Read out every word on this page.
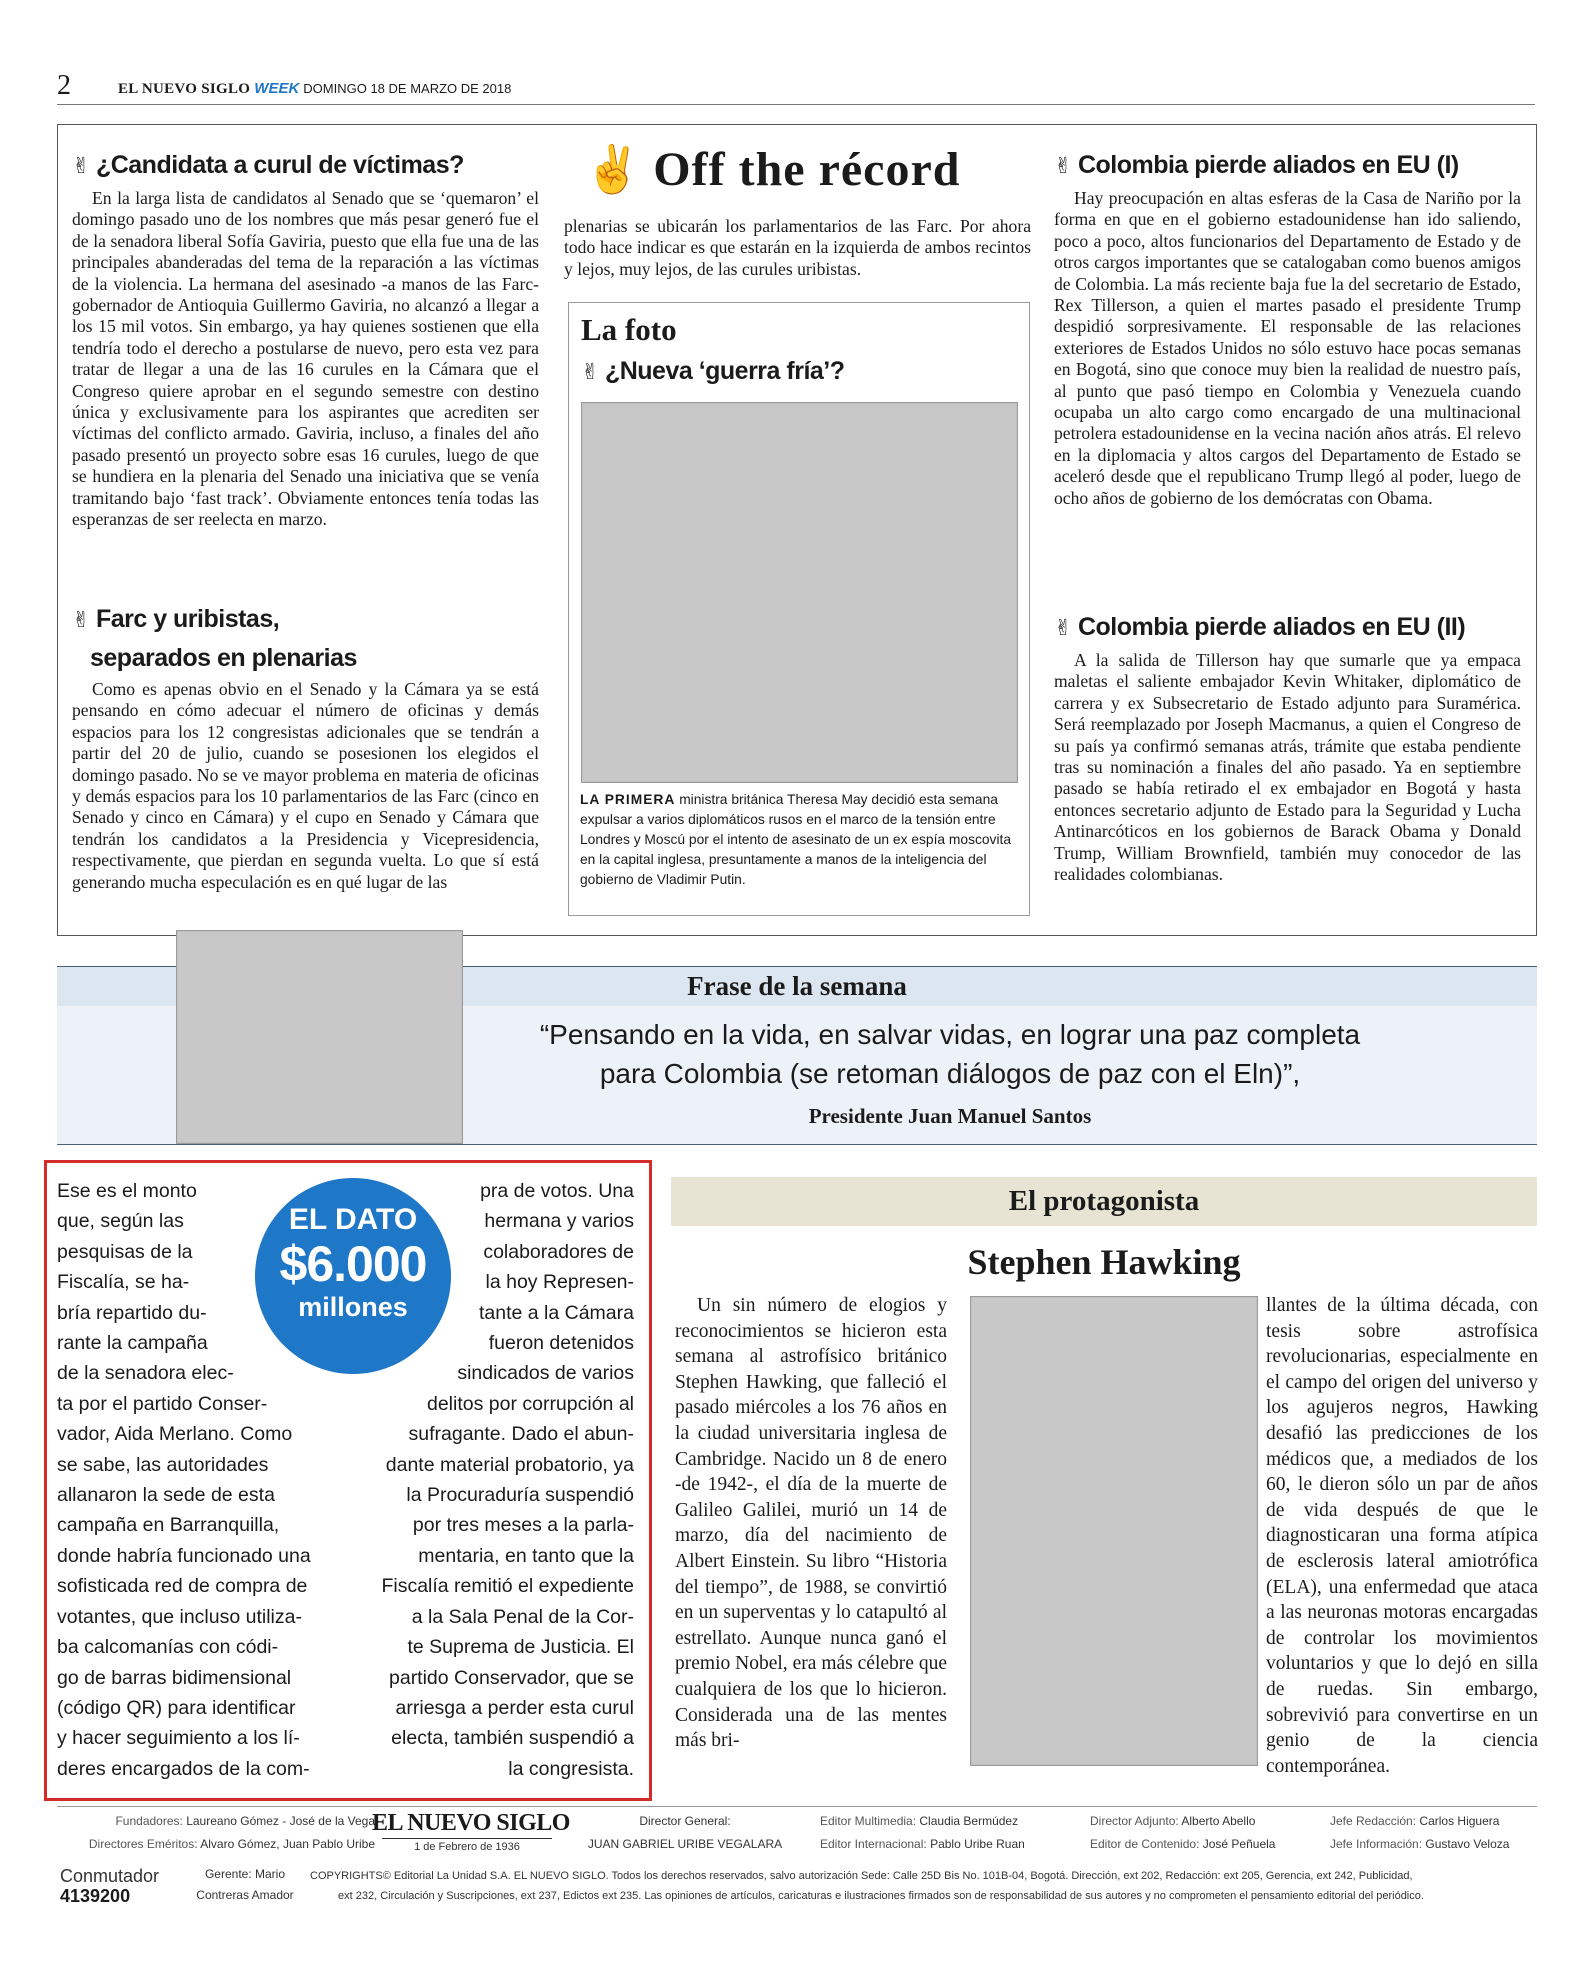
2	EL NUEVO SIGLO WEEK DOMINGO 18 DE MARZO DE 2018
✌ ¿Candidata a curul de víctimas?

En la larga lista de candidatos al Senado que se ‘quemaron’ el domingo pasado uno de los nombres que más pesar generó fue el de la senadora liberal Sofía Gaviria, puesto que ella fue una de las principales abanderadas del tema de la reparación a las víctimas de la violencia. La hermana del asesinado -a manos de las Farc- gobernador de Antioquia Guillermo Gaviria, no alcanzó a llegar a los 15 mil votos. Sin embargo, ya hay quienes sostienen que ella tendría todo el derecho a postularse de nuevo, pero esta vez para tratar de llegar a una de las 16 curules en la Cámara que el Congreso quiere aprobar en el segundo semestre con destino única y exclusivamente para los aspirantes que acrediten ser víctimas del conflicto armado. Gaviria, incluso, a finales del año pasado presentó un proyecto sobre esas 16 curules, luego de que se hundiera en la plenaria del Senado una iniciativa que se venía tramitando bajo ‘fast track’. Obviamente entonces tenía todas las esperanzas de ser reelecta en marzo.

✌ Farc y uribistas,
separados en plenarias

Como es apenas obvio en el Senado y la Cámara ya se está pensando en cómo adecuar el número de oficinas y demás espacios para los 12 congresistas adicionales que se tendrán a partir del 20 de julio, cuando se posesionen los elegidos el domingo pasado. No se ve mayor problema en materia de oficinas y demás espacios para los 10 parlamentarios de las Farc (cinco en Senado y cinco en Cámara) y el cupo en Senado y Cámara que tendrán los candidatos a la Presidencia y Vicepresidencia, respectivamente, que pierdan en segunda vuelta. Lo que sí está generando mucha especulación es en qué lugar de las

✌ Off the récord

plenarias se ubicarán los parlamentarios de las Farc. Por ahora todo hace indicar es que estarán en la izquierda de ambos recintos y lejos, muy lejos, de las curules uribistas.

La foto
✌ ¿Nueva ‘guerra fría’?
LA PRIMERA ministra británica Theresa May decidió esta semana expulsar a varios diplomáticos rusos en el marco de la tensión entre Londres y Moscú por el intento de asesinato de un ex espía moscovita en la capital inglesa, presuntamente a manos de la inteligencia del gobierno de Vladimir Putin.
✌ Colombia pierde aliados en EU (I)

Hay preocupación en altas esferas de la Casa de Nariño por la forma en que en el gobierno estadounidense han ido saliendo, poco a poco, altos funcionarios del Departamento de Estado y de otros cargos importantes que se catalogaban como buenos amigos de Colombia. La más reciente baja fue la del secretario de Estado, Rex Tillerson, a quien el martes pasado el presidente Trump despidió sorpresivamente. El responsable de las relaciones exteriores de Estados Unidos no sólo estuvo hace pocas semanas en Bogotá, sino que conoce muy bien la realidad de nuestro país, al punto que pasó tiempo en Colombia y Venezuela cuando ocupaba un alto cargo como encargado de una multinacional petrolera estadounidense en la vecina nación años atrás. El relevo en la diplomacia y altos cargos del Departamento de Estado se aceleró desde que el republicano Trump llegó al poder, luego de ocho años de gobierno de los demócratas con Obama.

✌ Colombia pierde aliados en EU (II)

A la salida de Tillerson hay que sumarle que ya empaca maletas el saliente embajador Kevin Whitaker, diplomático de carrera y ex Subsecretario de Estado adjunto para Suramérica. Será reemplazado por Joseph Macmanus, a quien el Congreso de su país ya confirmó semanas atrás, trámite que estaba pendiente tras su nominación a finales del año pasado. Ya en septiembre pasado se había retirado el ex embajador en Bogotá y hasta entonces secretario adjunto de Estado para la Seguridad y Lucha Antinarcóticos en los gobiernos de Barack Obama y Donald Trump, William Brownfield, también muy conocedor de las realidades colombianas.

Frase de la semana
“Pensando en la vida, en salvar vidas, en lograr una paz completa
para Colombia (se retoman diálogos de paz con el Eln)”,
Presidente Juan Manuel Santos
Ese es el monto
que, según las
pesquisas de la
Fiscalía, se ha-
bría repartido du-
rante la campaña
de la senadora elec-
ta por el partido Conser-
vador, Aida Merlano. Como
se sabe, las autoridades
allanaron la sede de esta
campaña en Barranquilla,
donde habría funcionado una
sofisticada red de compra de
votantes, que incluso utiliza-
ba calcomanías con códi-
go de barras bidimensional
(código QR) para identificar
y hacer seguimiento a los lí-
deres encargados de la com-
pra de votos. Una
hermana y varios
colaboradores de
la hoy Represen-
tante a la Cámara
fueron detenidos
sindicados de varios
delitos por corrupción al
sufragante. Dado el abun-
dante material probatorio, ya
la Procuraduría suspendió
por tres meses a la parla-
mentaria, en tanto que la
Fiscalía remitió el expediente
a la Sala Penal de la Cor-
te Suprema de Justicia. El
partido Conservador, que se
arriesga a perder esta curul
electa, también suspendió a
la congresista.
EL DATO
$6.000
millones
El protagonista
Stephen Hawking

Un sin número de elogios y reconocimientos se hicieron esta semana al astrofísico británico Stephen Hawking, que falleció el pasado miércoles a los 76 años en la ciudad universitaria inglesa de Cambridge. Nacido un 8 de enero -de 1942-, el día de la muerte de Galileo Galilei, murió un 14 de marzo, día del nacimiento de Albert Einstein. Su libro “Historia del tiempo”, de 1988, se convirtió en un superventas y lo catapultó al estrellato. Aunque nunca ganó el premio Nobel, era más célebre que cualquiera de los que lo hicieron. Considerada una de las mentes más bri-

llantes de la última década, con tesis sobre astrofísica revolucionarias, especialmente en el campo del origen del universo y los agujeros negros, Hawking desafió las predicciones de los médicos que, a mediados de los 60, le dieron sólo un par de años de vida después de que le diagnosticaran una forma atípica de esclerosis lateral amiotrófica (ELA), una enfermedad que ataca a las neuronas motoras encargadas de controlar los movimientos voluntarios y que lo dejó en silla de ruedas. Sin embargo, sobrevivió para convertirse en un genio de la ciencia contemporánea.

Fundadores: Laureano Gómez - José de la Vega
Directores Eméritos: Alvaro Gómez, Juan Pablo Uribe
EL NUEVO SIGLO
1 de Febrero de 1936
Director General:
JUAN GABRIEL URIBE VEGALARA
Editor Multimedia: Claudia Bermúdez
Editor Internacional: Pablo Uribe Ruan
Director Adjunto: Alberto Abello
Editor de Contenido: José Peñuela
Jefe Redacción: Carlos Higuera
Jefe Información: Gustavo Veloza
Conmutador
4139200
Gerente: Mario
Contreras Amador
COPYRIGHTS© Editorial La Unidad S.A. EL NUEVO SIGLO. Todos los derechos reservados, salvo autorización Sede: Calle 25D Bis No. 101B-04, Bogotá. Dirección, ext 202, Redacción: ext 205, Gerencia, ext 242, Publicidad,
ext 232, Circulación y Suscripciones, ext 237, Edictos ext 235. Las opiniones de artículos, caricaturas e ilustraciones firmados son de responsabilidad de sus autores y no comprometen el pensamiento editorial del periódico.
